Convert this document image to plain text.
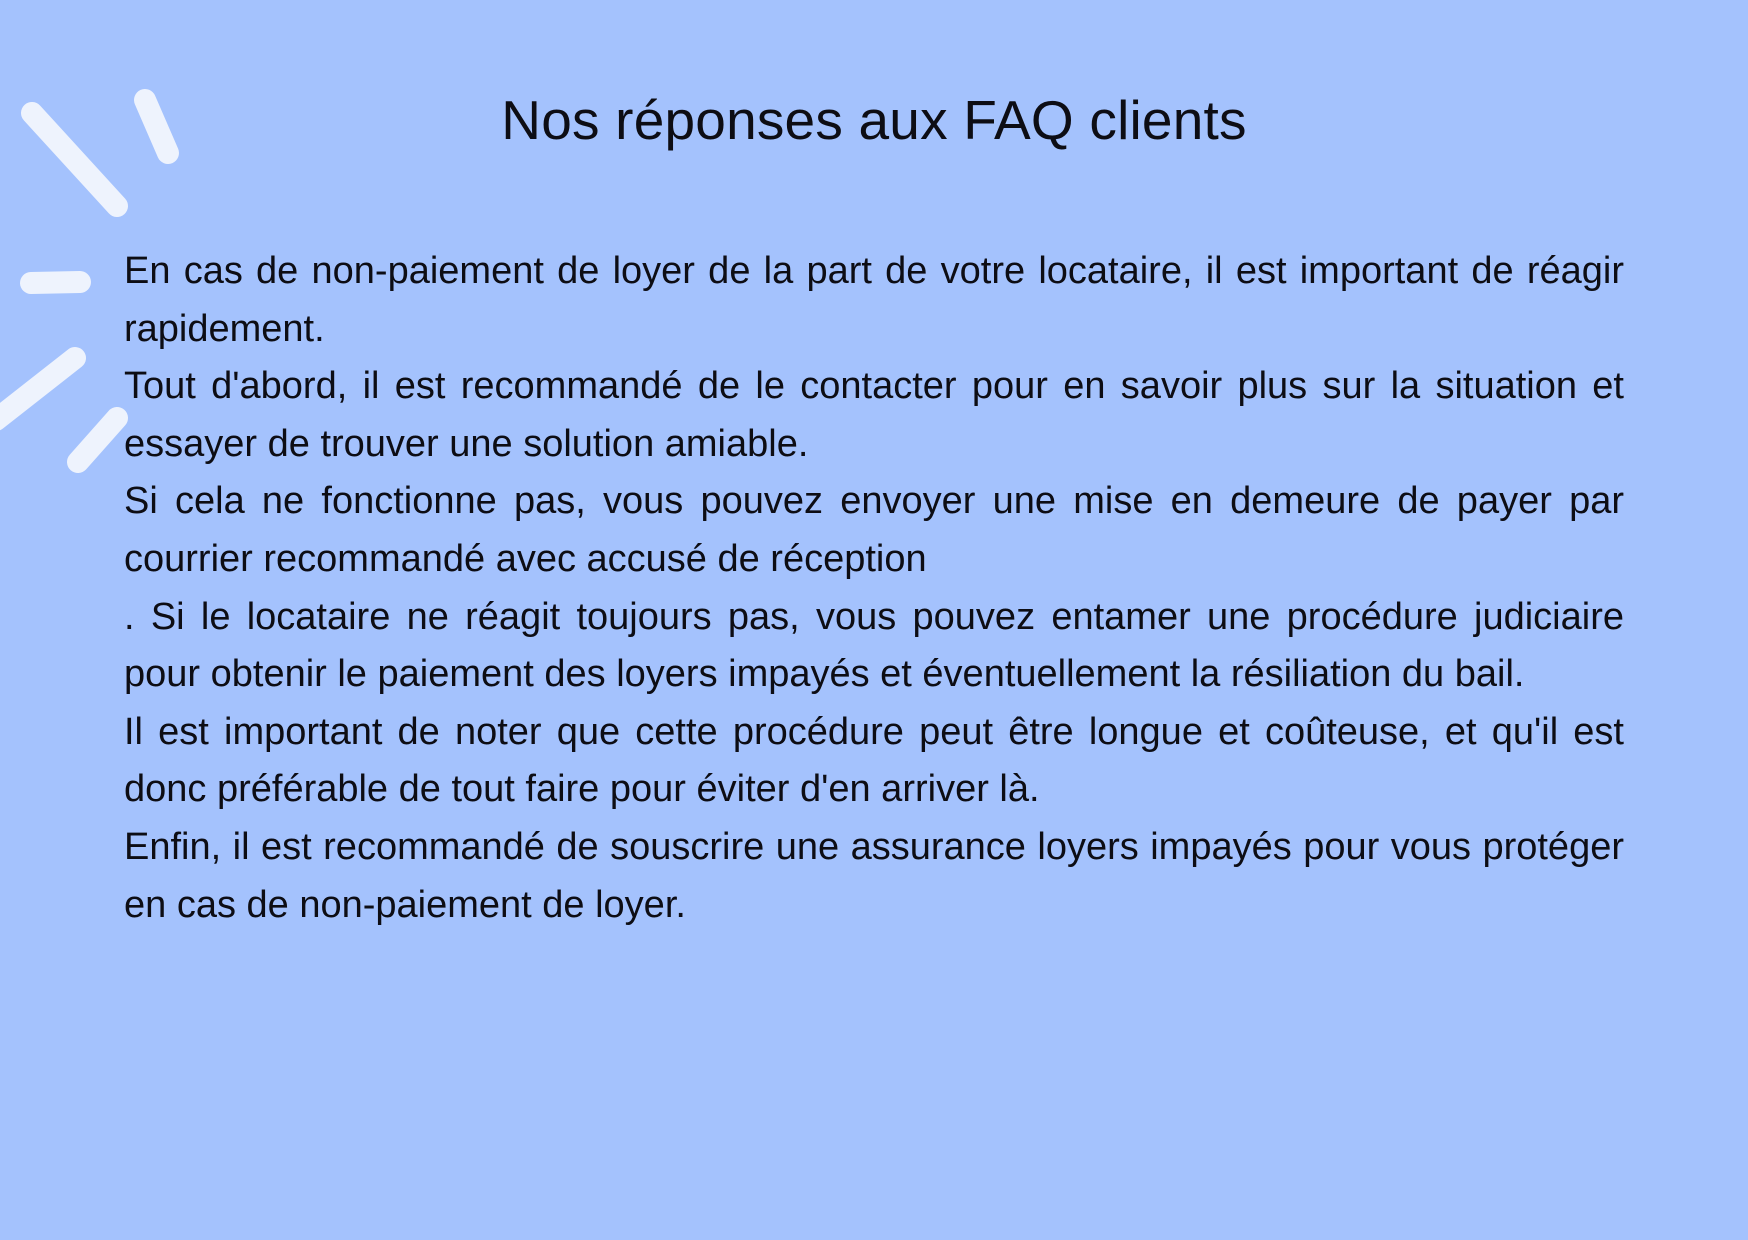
Nos réponses aux FAQ clients

En cas de non-paiement de loyer de la part de votre locataire, il est important de réagir rapidement.

Tout d'abord, il est recommandé de le contacter pour en savoir plus sur la situation et essayer de trouver une solution amiable.

Si cela ne fonctionne pas, vous pouvez envoyer une mise en demeure de payer par courrier recommandé avec accusé de réception

. Si le locataire ne réagit toujours pas, vous pouvez entamer une procédure judiciaire pour obtenir le paiement des loyers impayés et éventuellement la résiliation du bail.

Il est important de noter que cette procédure peut être longue et coûteuse, et qu'il est donc préférable de tout faire pour éviter d'en arriver là.

Enfin, il est recommandé de souscrire une assurance loyers impayés pour vous protéger en cas de non-paiement de loyer.
